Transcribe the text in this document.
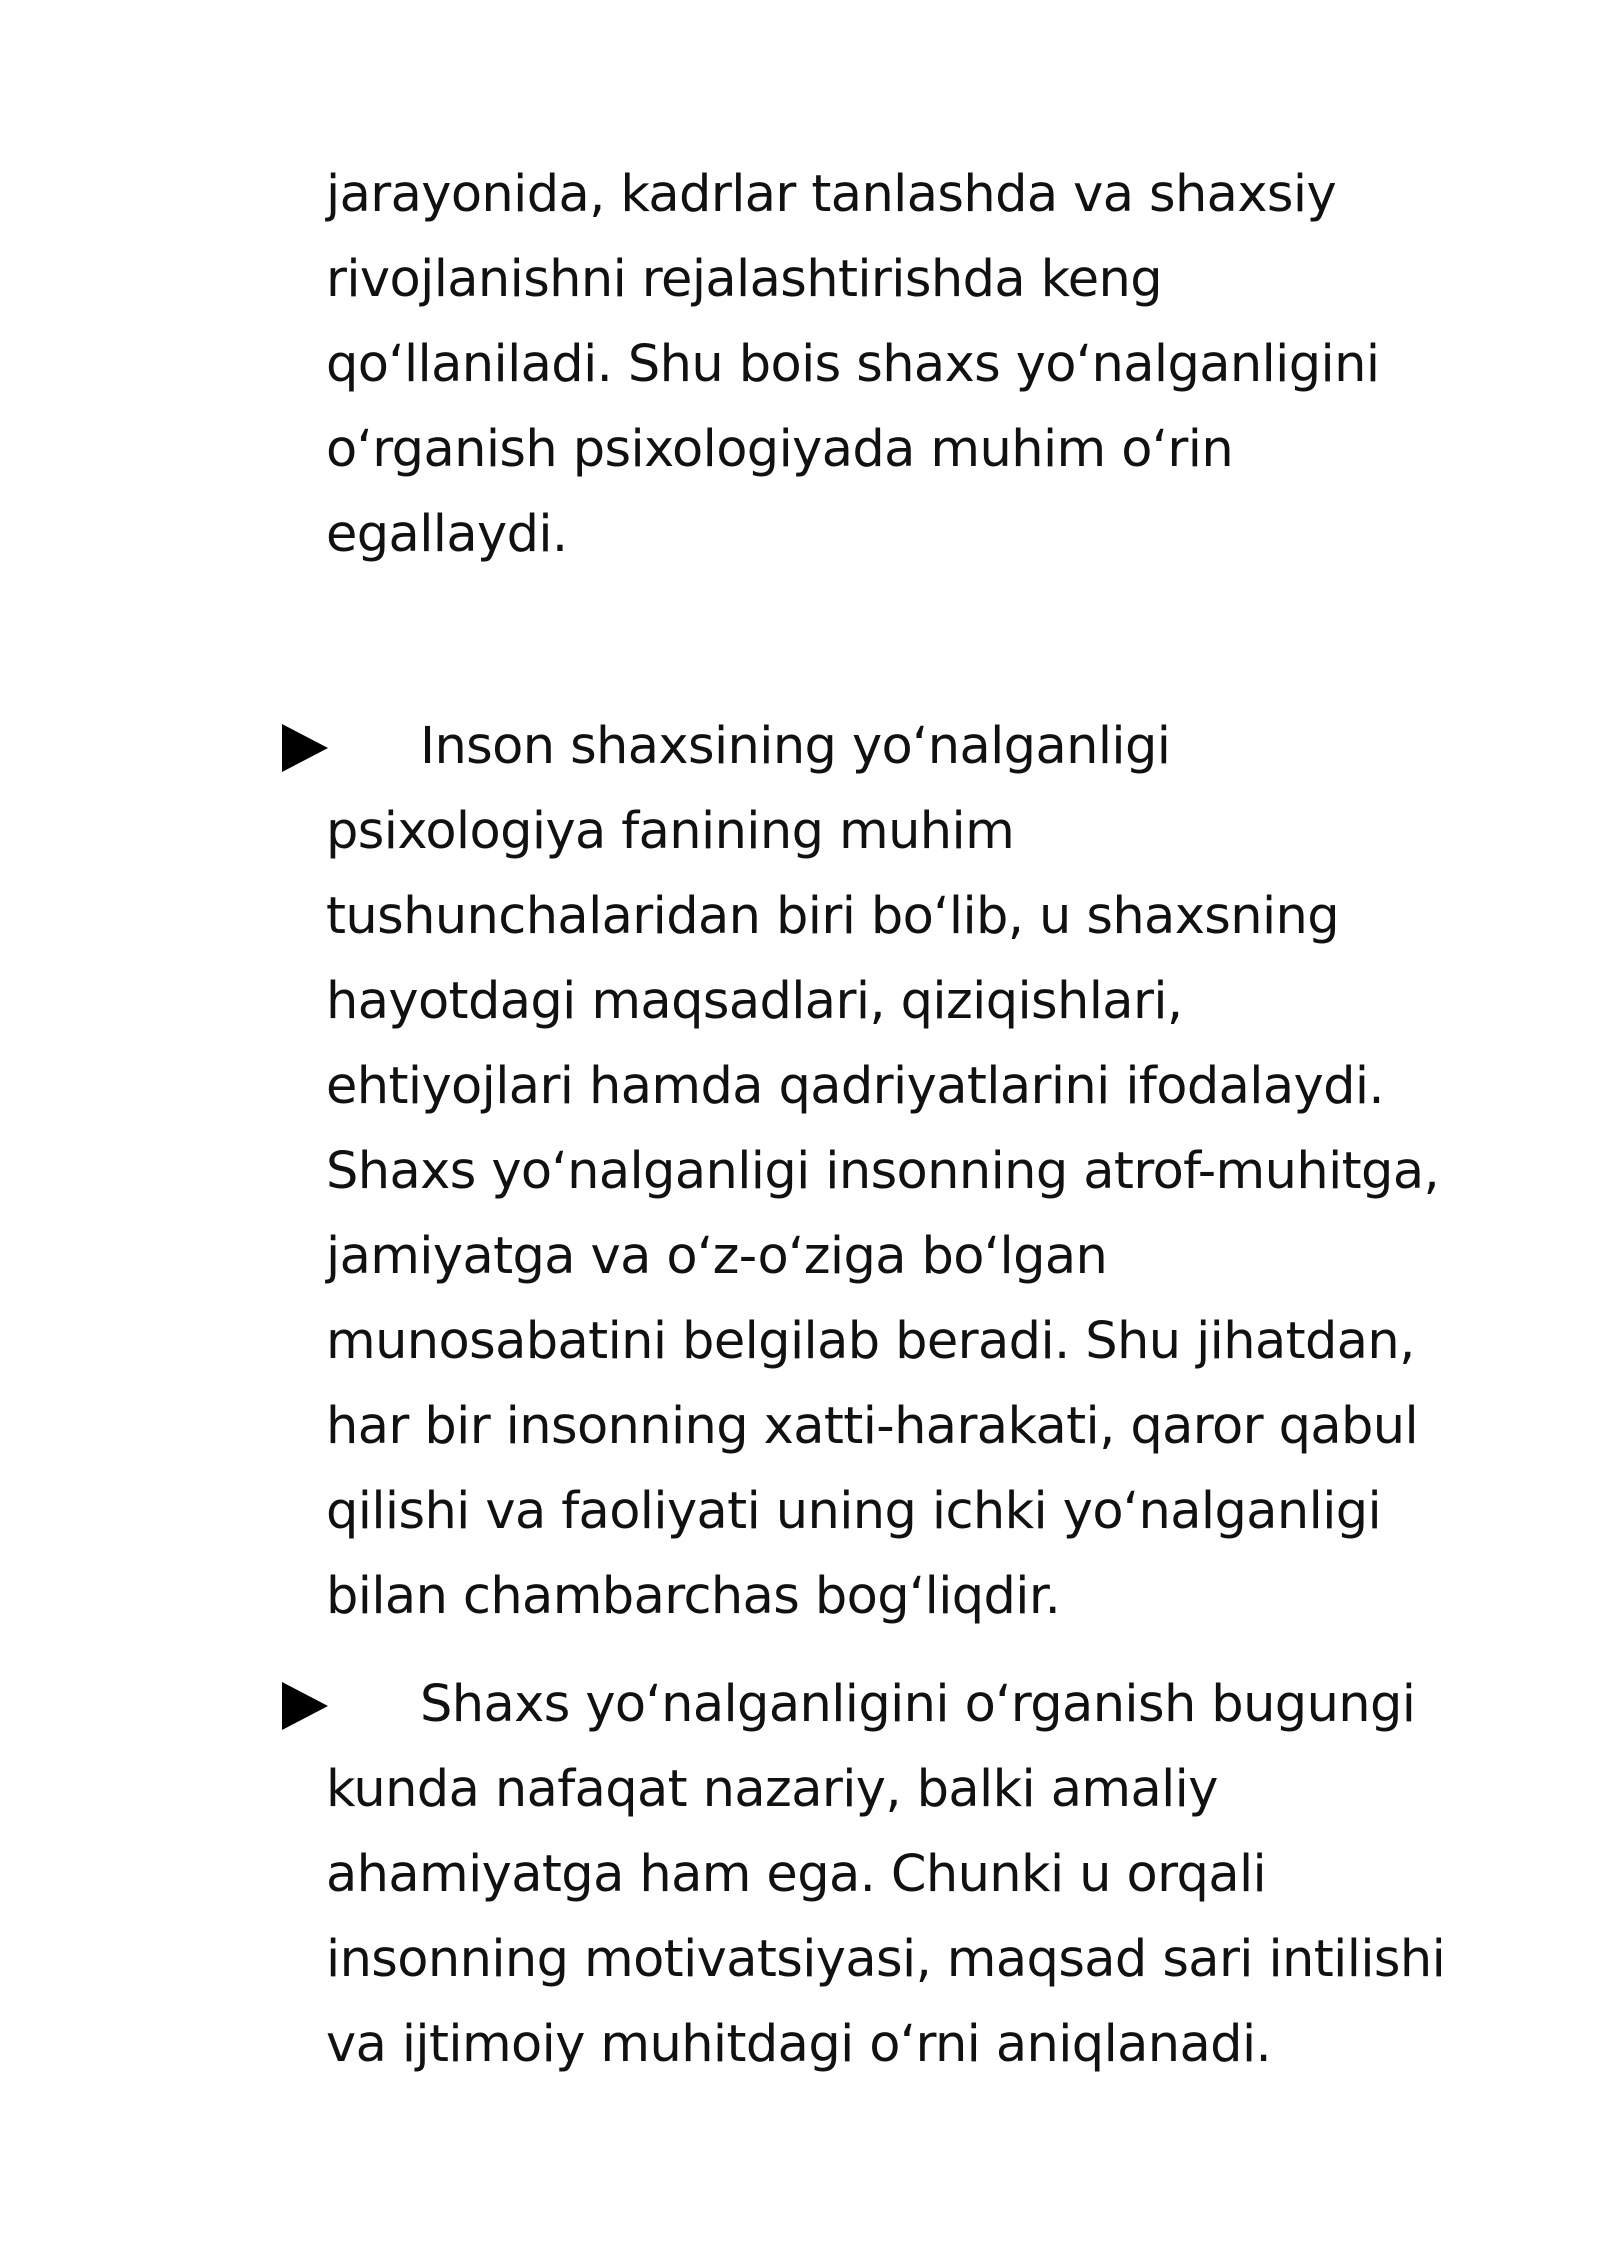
jarayonida, kadrlar tanlashda va shaxsiy
rivojlanishni rejalashtirishda keng
qo‘llaniladi. Shu bois shaxs yo‘nalganligini
o‘rganish psixologiyada muhim o‘rin
egallaydi.
Inson shaxsining yo‘nalganligi
psixologiya fanining muhim
tushunchalaridan biri bo‘lib, u shaxsning
hayotdagi maqsadlari, qiziqishlari,
ehtiyojlari hamda qadriyatlarini ifodalaydi.
Shaxs yo‘nalganligi insonning atrof-muhitga,
jamiyatga va o‘z-o‘ziga bo‘lgan
munosabatini belgilab beradi. Shu jihatdan,
har bir insonning xatti-harakati, qaror qabul
qilishi va faoliyati uning ichki yo‘nalganligi
bilan chambarchas bog‘liqdir.
Shaxs yo‘nalganligini o‘rganish bugungi
kunda nafaqat nazariy, balki amaliy
ahamiyatga ham ega. Chunki u orqali
insonning motivatsiyasi, maqsad sari intilishi
va ijtimoiy muhitdagi o‘rni aniqlanadi.
